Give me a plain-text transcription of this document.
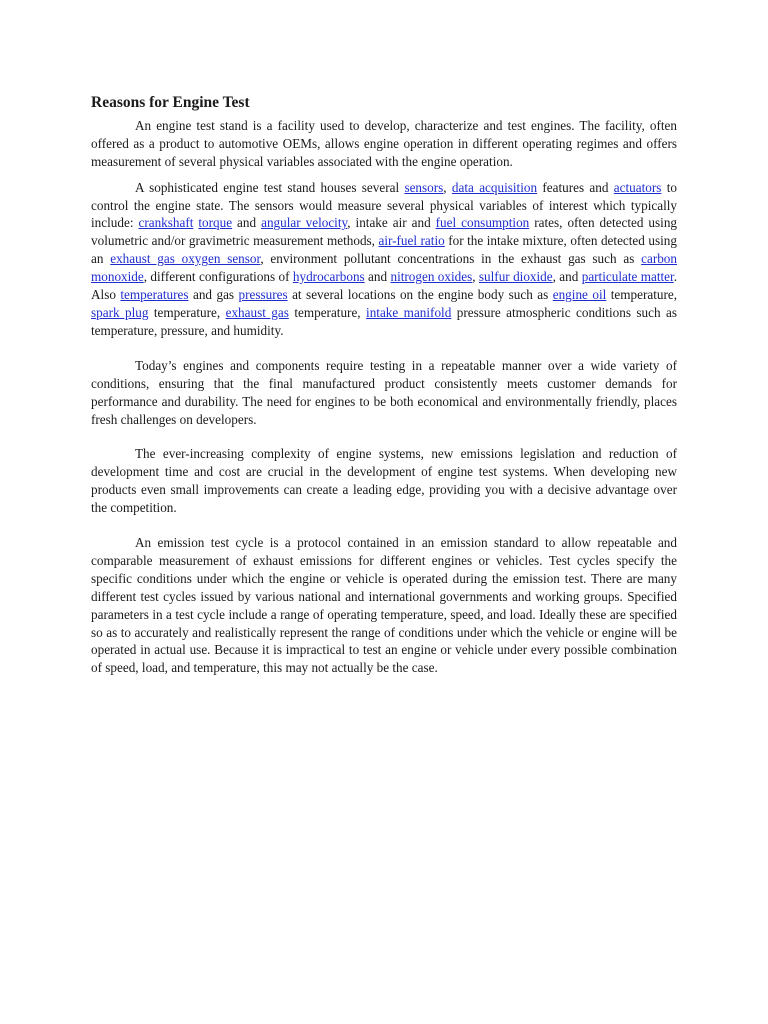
Reasons for Engine Test

An engine test stand is a facility used to develop, characterize and test engines. The facility, often offered as a product to automotive OEMs, allows engine operation in different operating regimes and offers measurement of several physical variables associated with the engine operation.

A sophisticated engine test stand houses several sensors, data acquisition features and actuators to control the engine state. The sensors would measure several physical variables of interest which typically include: crankshaft torque and angular velocity, intake air and fuel consumption rates, often detected using volumetric and/or gravimetric measurement methods, air-fuel ratio for the intake mixture, often detected using an exhaust gas oxygen sensor, environment pollutant concentrations in the exhaust gas such as carbon monoxide, different configurations of hydrocarbons and nitrogen oxides, sulfur dioxide, and particulate matter. Also temperatures and gas pressures at several locations on the engine body such as engine oil temperature, spark plug temperature, exhaust gas temperature, intake manifold pressure atmospheric conditions such as temperature, pressure, and humidity.

Today’s engines and components require testing in a repeatable manner over a wide variety of conditions, ensuring that the final manufactured product consistently meets customer demands for performance and durability. The need for engines to be both economical and environmentally friendly, places fresh challenges on developers.

The ever-increasing complexity of engine systems, new emissions legislation and reduction of development time and cost are crucial in the development of engine test systems. When developing new products even small improvements can create a leading edge, providing you with a decisive advantage over the competition.

An emission test cycle is a protocol contained in an emission standard to allow repeatable and comparable measurement of exhaust emissions for different engines or vehicles. Test cycles specify the specific conditions under which the engine or vehicle is operated during the emission test. There are many different test cycles issued by various national and international governments and working groups. Specified parameters in a test cycle include a range of operating temperature, speed, and load. Ideally these are specified so as to accurately and realistically represent the range of conditions under which the vehicle or engine will be operated in actual use. Because it is impractical to test an engine or vehicle under every possible combination of speed, load, and temperature, this may not actually be the case.
